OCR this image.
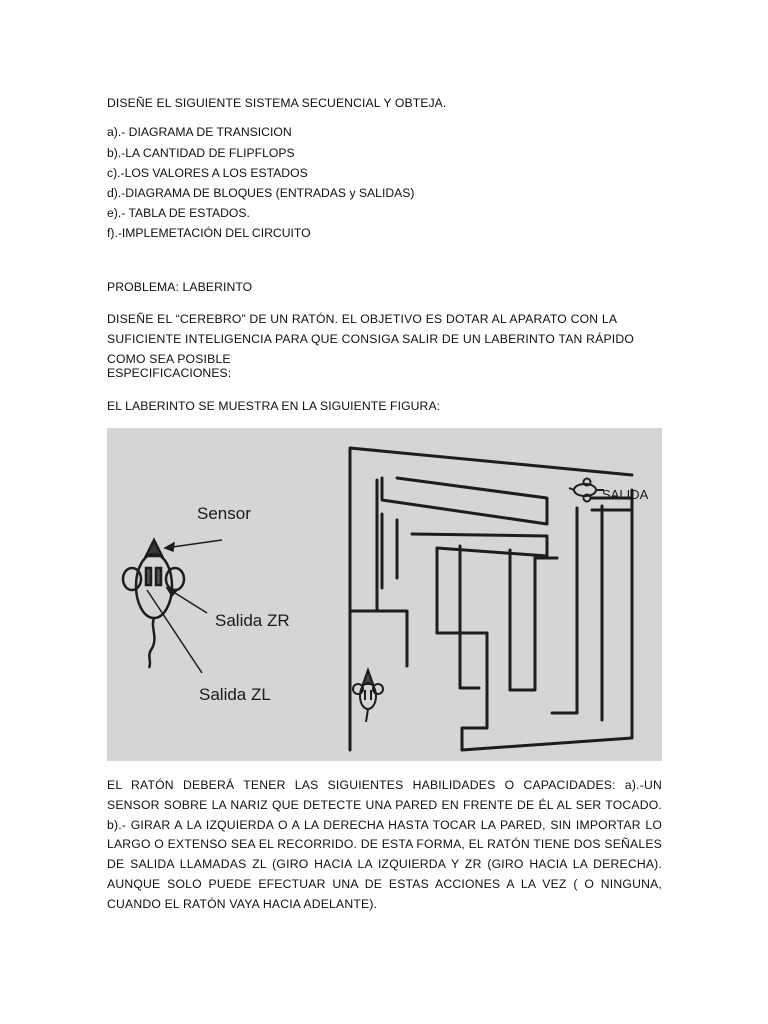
DISEÑE EL SIGUIENTE SISTEMA SECUENCIAL Y OBTEJA.
a).- DIAGRAMA DE TRANSICION
b).-LA CANTIDAD DE FLIPFLOPS
c).-LOS VALORES A LOS ESTADOS
d).-DIAGRAMA DE BLOQUES (ENTRADAS y SALIDAS)
e).- TABLA DE ESTADOS.
f).-IMPLEMETACIÓN DEL CIRCUITO
PROBLEMA: LABERINTO
DISEÑE EL “CEREBRO” DE UN RATÓN. EL OBJETIVO ES DOTAR AL APARATO CON LA SUFICIENTE INTELIGENCIA PARA QUE CONSIGA SALIR DE UN LABERINTO TAN RÁPIDO COMO SEA POSIBLE
ESPECIFICACIONES:
EL LABERINTO SE MUESTRA EN LA SIGUIENTE FIGURA:
Sensor
Salida ZR
Salida ZL
SALIDA
EL RATÓN DEBERÁ TENER LAS SIGUIENTES HABILIDADES O CAPACIDADES: a).-UN SENSOR SOBRE LA NARIZ QUE DETECTE UNA PARED EN FRENTE DE ÉL AL SER TOCADO. b).- GIRAR A LA IZQUIERDA O A LA DERECHA HASTA TOCAR LA PARED, SIN IMPORTAR LO LARGO O EXTENSO SEA EL RECORRIDO. DE ESTA FORMA, EL RATÓN TIENE DOS SEÑALES DE SALIDA LLAMADAS ZL (GIRO HACIA LA IZQUIERDA Y ZR (GIRO HACIA LA DERECHA). AUNQUE SOLO PUEDE EFECTUAR UNA DE ESTAS ACCIONES A LA VEZ ( O NINGUNA, CUANDO EL RATÓN VAYA HACIA ADELANTE).
